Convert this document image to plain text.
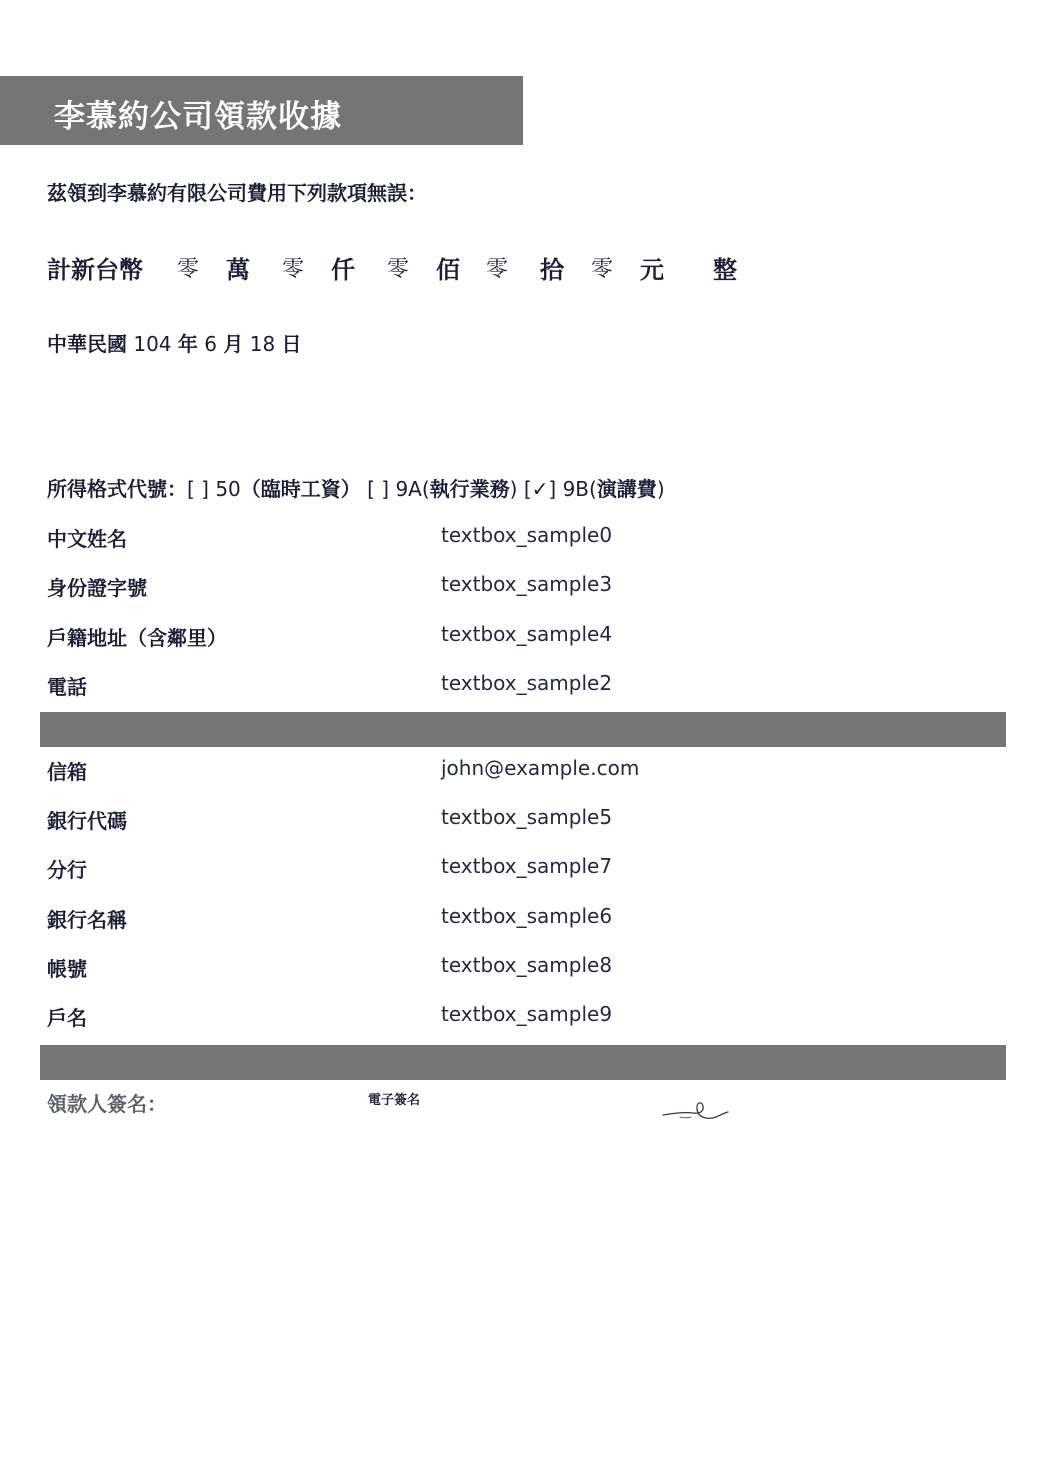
李慕約公司領款收據
茲領到李慕約有限公司費用下列款項無誤：
計新台幣 零 萬 零 仟 零 佰 零 拾 零 元 整
中華民國 104 年 6 月 18 日
所得格式代號：[ ] 50（臨時工資） [ ] 9A(執行業務) [✓] 9B(演講費)
中文姓名	textbox_sample0
身份證字號	textbox_sample3
戶籍地址（含鄰里）	textbox_sample4
電話	textbox_sample2
信箱	john@example.com
銀行代碼	textbox_sample5
分行	textbox_sample7
銀行名稱	textbox_sample6
帳號	textbox_sample8
戶名	textbox_sample9
領款人簽名：	電子簽名
